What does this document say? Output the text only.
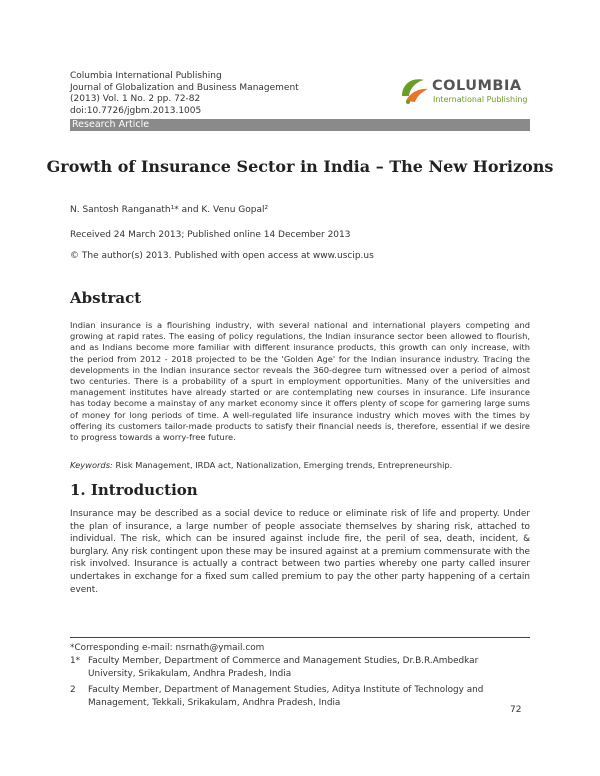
Columbia International Publishing
Journal of Globalization and Business Management
(2013) Vol. 1 No. 2 pp. 72-82
doi:10.7726/jgbm.2013.1005
COLUMBIA
International Publishing
Research Article
Growth of Insurance Sector in India – The New Horizons
N. Santosh Ranganath¹* and K. Venu Gopal²
Received 24 March 2013; Published online 14 December 2013
© The author(s) 2013. Published with open access at www.uscip.us
Abstract
Indian insurance is a flourishing industry, with several national and international players competing and growing at rapid rates. The easing of policy regulations, the Indian insurance sector been allowed to flourish, and as Indians become more familiar with different insurance products, this growth can only increase, with the period from 2012 - 2018 projected to be the 'Golden Age' for the Indian insurance industry. Tracing the developments in the Indian insurance sector reveals the 360-degree turn witnessed over a period of almost two centuries. There is a probability of a spurt in employment opportunities. Many of the universities and management institutes have already started or are contemplating new courses in insurance. Life insurance has today become a mainstay of any market economy since it offers plenty of scope for garnering large sums of money for long periods of time. A well-regulated life insurance industry which moves with the times by offering its customers tailor-made products to satisfy their financial needs is, therefore, essential if we desire to progress towards a worry-free future.
Keywords: Risk Management, IRDA act, Nationalization, Emerging trends, Entrepreneurship.
1. Introduction
Insurance may be described as a social device to reduce or eliminate risk of life and property. Under the plan of insurance, a large number of people associate themselves by sharing risk, attached to individual. The risk, which can be insured against include fire, the peril of sea, death, incident, & burglary. Any risk contingent upon these may be insured against at a premium commensurate with the risk involved. Insurance is actually a contract between two parties whereby one party called insurer undertakes in exchange for a fixed sum called premium to pay the other party happening of a certain event.
*Corresponding e-mail: nsrnath@ymail.com
1* Faculty Member, Department of Commerce and Management Studies, Dr.B.R.Ambedkar
University, Srikakulam, Andhra Pradesh, India
2	Faculty Member, Department of Management Studies, Aditya Institute of Technology and
Management, Tekkali, Srikakulam, Andhra Pradesh, India
72
